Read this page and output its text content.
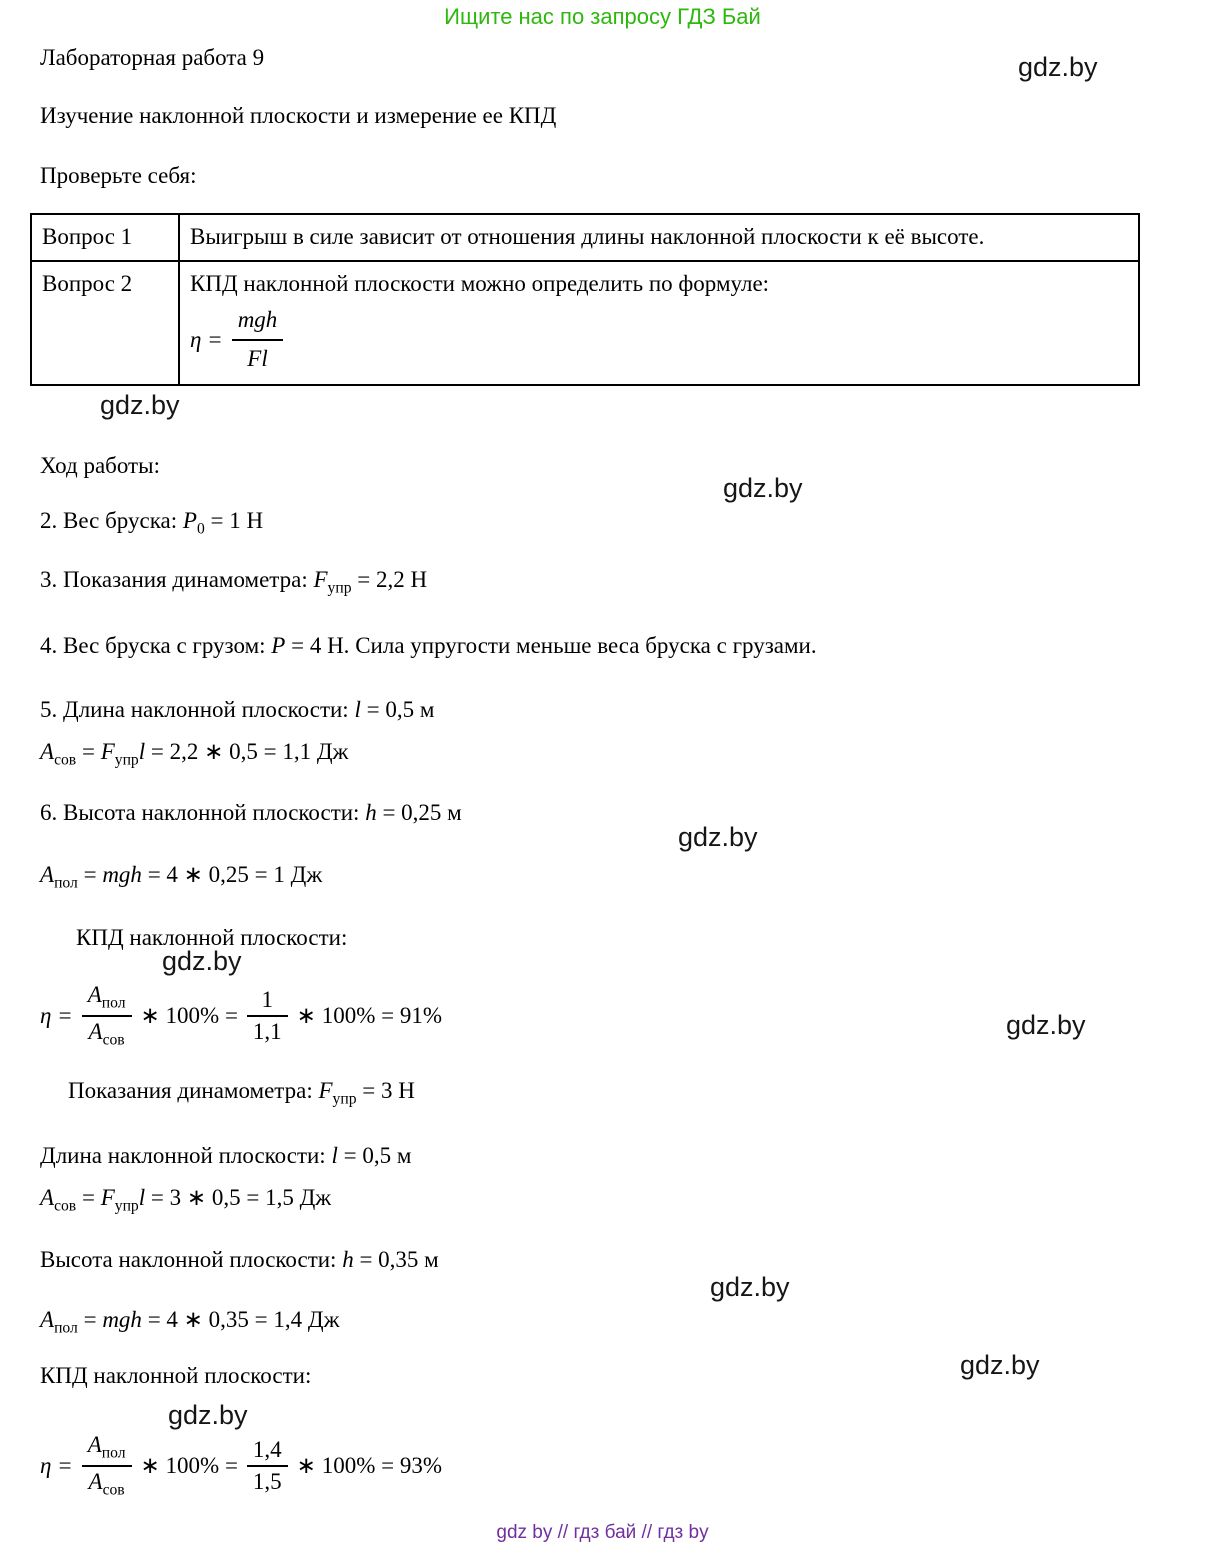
Ищите нас по запросу ГДЗ Бай
gdz.by
gdz.by
gdz.by
gdz.by
gdz.by
gdz.by
gdz.by
gdz.by
gdz.by
Лабораторная работа 9
Изучение наклонной плоскости и измерение ее КПД
Проверьте себя:
Вопрос 1	Выигрыш в силе зависит от отношения длины наклонной плоскости к её высоте.
Вопрос 2	КПД наклонной плоскости можно определить по формуле:
$\eta = \frac{\text{mgh}}{Fl}$
Ход работы:
2. Вес бруска: $P_0 = 1$ Н
3. Показания динамометра: $F_{упр} = 2,2$ Н
4. Вес бруска с грузом: P = 4 Н. Сила упругости меньше веса бруска с грузами.
5. Длина наклонной плоскости: l = 0,5 м
$A_{сов} = F_{упр}l = 2,2$ ∗ 0,5 = 1,1 Дж
6. Высота наклонной плоскости: h = 0,25 м
$A_{пол}$ = mgh = 4 ∗ 0,25 = 1 Дж
КПД наклонной плоскости:
$\eta = \frac{A_{пол}}{A_{сов}}$ ∗ $100\% = \frac{1}{1,1}$ ∗ 100% = 91%
Показания динамометра: $F_{упр} = 3$ Н
Длина наклонной плоскости: l = 0,5 м
$A_{сов} = F_{упр}l = 3$ ∗ 0,5 = 1,5 Дж
Высота наклонной плоскости: h = 0,35 м
$A_{пол}$ = mgh = 4 ∗ 0,35 = 1,4 Дж
КПД наклонной плоскости:
$\eta = \frac{A_{пол}}{A_{сов}}$ ∗ $100\% = \frac{1,4}{1,5}$ ∗ 100% = 93%
gdz by // гдз бай // гдз by
